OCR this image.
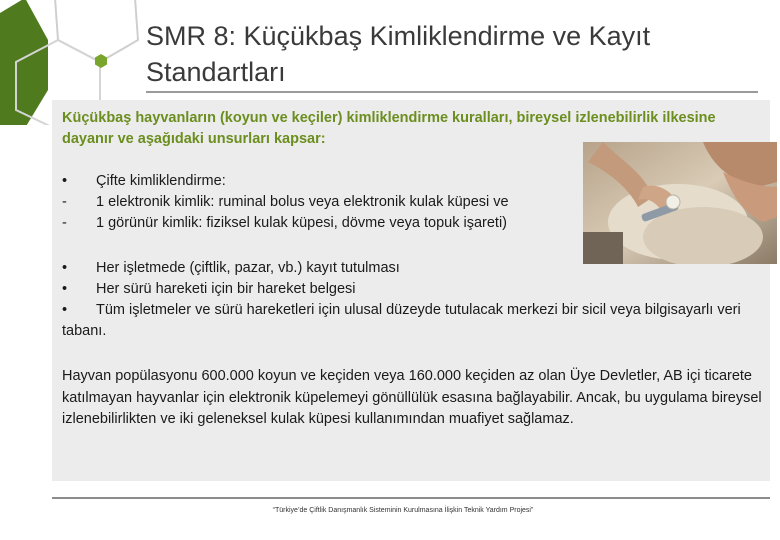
SMR 8: Küçükbaş Kimliklendirme ve Kayıt Standartları
Küçükbaş hayvanların (koyun ve keçiler) kimliklendirme kuralları, bireysel izlenebilirlik ilkesine dayanır ve aşağıdaki unsurları kapsar:
•	Çifte kimliklendirme:
-	1 elektronik kimlik: ruminal bolus veya elektronik kulak küpesi ve
-	1 görünür kimlik: fiziksel kulak küpesi, dövme veya topuk işareti)
• Her işletmede (çiftlik, pazar, vb.) kayıt tutulması
• Her sürü hareketi için bir hareket belgesi
• Tüm işletmeler ve sürü hareketleri için ulusal düzeyde tutulacak merkezi bir sicil veya bilgisayarlı veri tabanı.
Hayvan popülasyonu 600.000 koyun ve keçiden veya 160.000 keçiden az olan Üye Devletler, AB içi ticarete katılmayan hayvanlar için elektronik küpelemeyi gönüllülük esasına bağlayabilir. Ancak, bu uygulama bireysel izlenebilirlikten ve iki geleneksel kulak küpesi kullanımından muafiyet sağlamaz.
“Türkiye’de Çiftlik Danışmanlık Sisteminin Kurulmasına İlişkin Teknik Yardım Projesi”
